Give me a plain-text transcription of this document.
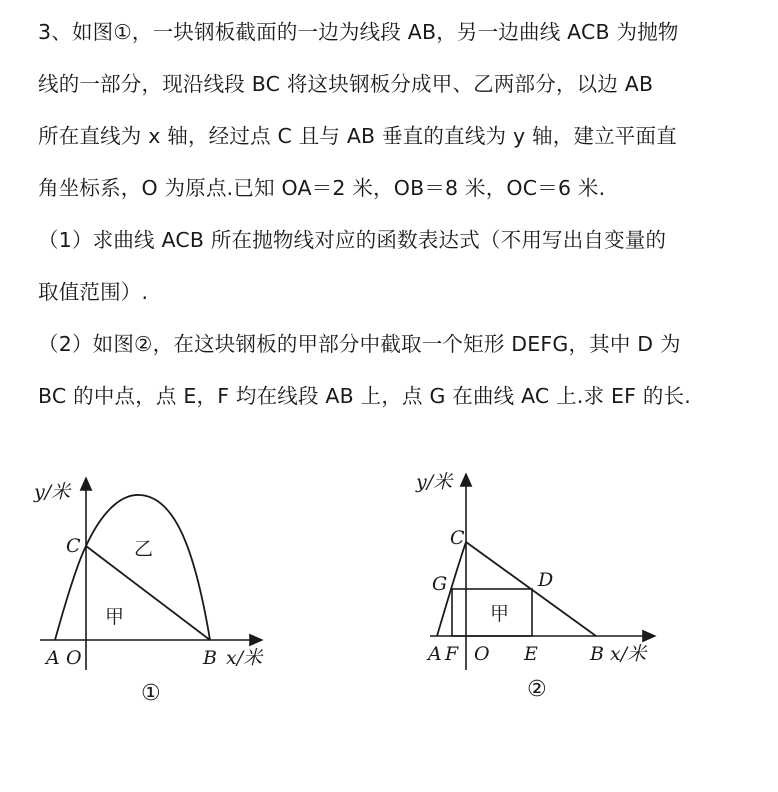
3、如图①，一块钢板截面的一边为线段 AB，另一边曲线 ACB 为抛物
线的一部分，现沿线段 BC 将这块钢板分成甲、乙两部分，以边 AB
所在直线为 x 轴，经过点 C 且与 AB 垂直的直线为 y 轴，建立平面直
角坐标系，O 为原点.已知 OA＝2 米，OB＝8 米，OC＝6 米.
（1）求曲线 ACB 所在抛物线对应的函数表达式（不用写出自变量的
取值范围）.
（2）如图②，在这块钢板的甲部分中截取一个矩形 DEFG，其中 D 为
BC 的中点，点 E，F 均在线段 AB 上，点 G 在曲线 AC 上.求 EF 的长.
y/米
C	乙
甲
A O	B x/米
①
y/米
C
D
G
甲
A F O E	B x/米
②
